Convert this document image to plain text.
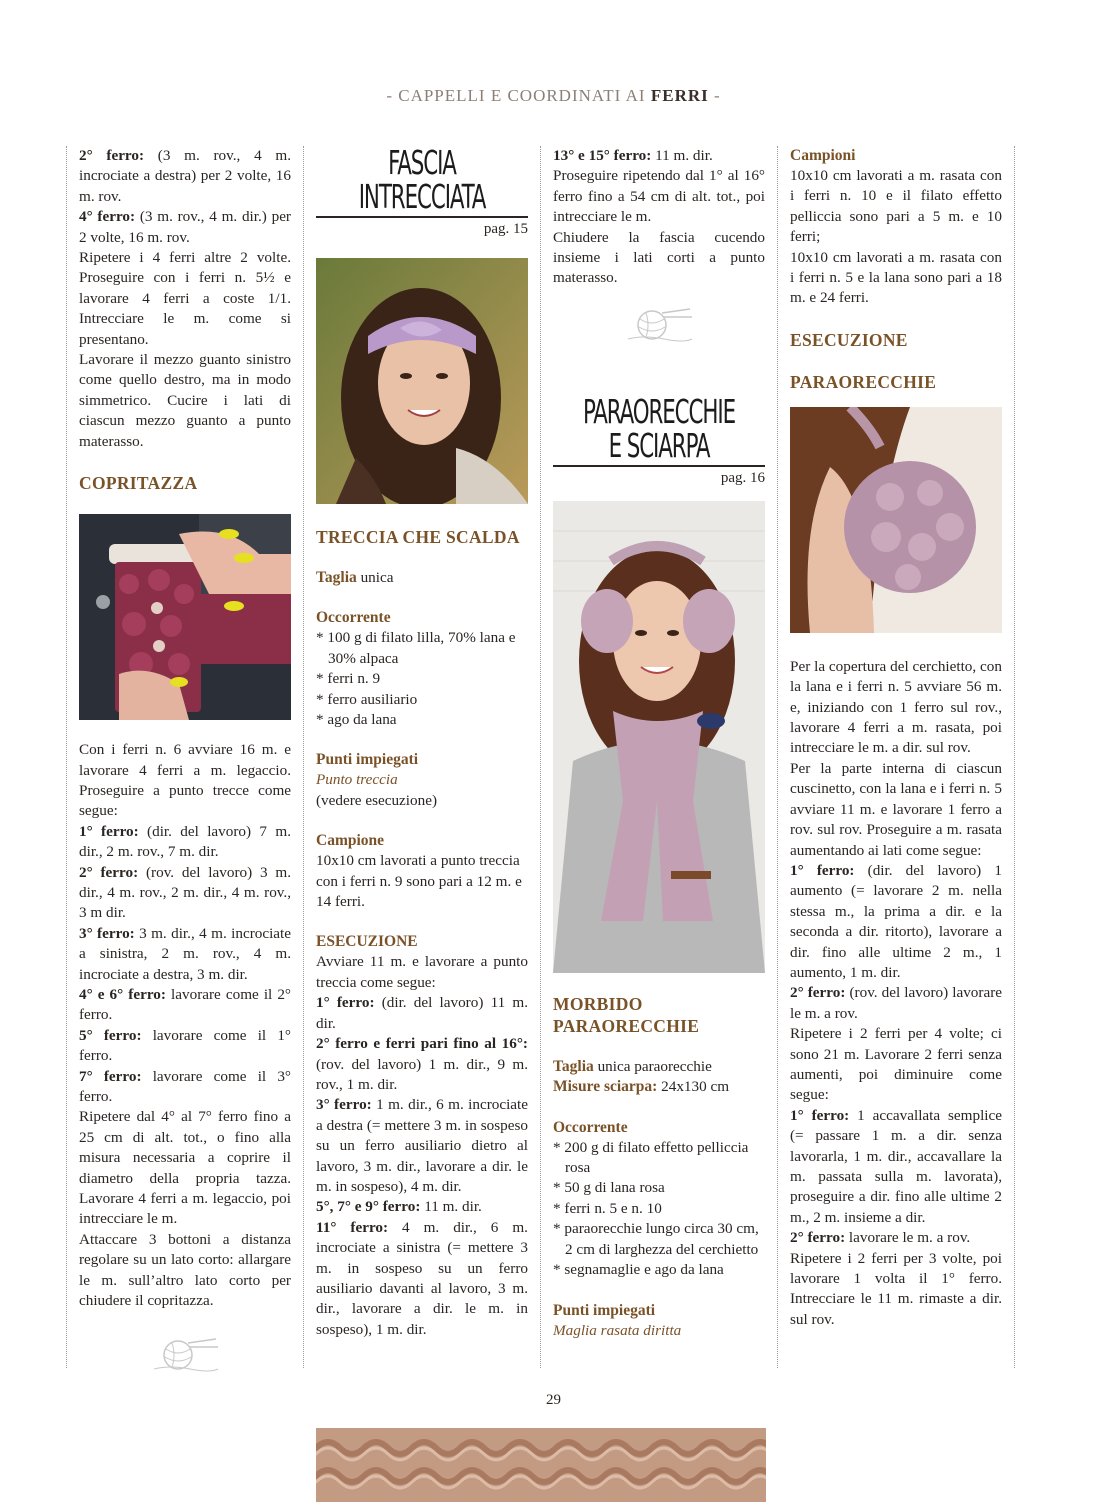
- CAPPELLI E COORDINATI AI FERRI -

2° ferro: (3 m. rov., 4 m. incrociate a destra) per 2 volte, 16 m. rov.

4° ferro: (3 m. rov., 4 m. dir.) per 2 volte, 16 m. rov.

Ripetere i 4 ferri altre 2 volte. Proseguire con i ferri n. 5½ e lavorare 4 ferri a coste 1/1. Intrecciare le m. come si presentano.

Lavorare il mezzo guanto sinistro come quello destro, ma in modo simmetrico. Cucire i lati di ciascun mezzo guanto a punto materasso.

COPRITAZZA

Con i ferri n. 6 avviare 16 m. e lavorare 4 ferri a m. legaccio. Proseguire a punto trecce come segue:

1° ferro: (dir. del lavoro) 7 m. dir., 2 m. rov., 7 m. dir.

2° ferro: (rov. del lavoro) 3 m. dir., 4 m. rov., 2 m. dir., 4 m. rov., 3 m dir.

3° ferro: 3 m. dir., 4 m. incrociate a sinistra, 2 m. rov., 4 m. incrociate a destra, 3 m. dir.

4° e 6° ferro: lavorare come il 2° ferro.

5° ferro: lavorare come il 1° ferro.

7° ferro: lavorare come il 3° ferro.

Ripetere dal 4° al 7° ferro fino a 25 cm di alt. tot., o fino alla misura necessaria a coprire il diametro della propria tazza. Lavorare 4 ferri a m. legaccio, poi intrecciare le m.

Attaccare 3 bottoni a distanza regolare su un lato corto: allargare le m. sull’altro lato corto per chiudere il copritazza.

FASCIA
INTRECCIATA
pag. 15
TRECCIA CHE SCALDA

Taglia unica

Occorrente
* 100 g di filato lilla, 70% lana e 30% alpaca
* ferri n. 9
* ferro ausiliario
* ago da lana
Punti impiegati

Punto treccia

(vedere esecuzione)

Campione

10x10 cm lavorati a punto treccia con i ferri n. 9 sono pari a 12 m. e 14 ferri.

ESECUZIONE

Avviare 11 m. e lavorare a punto treccia come segue:

1° ferro: (dir. del lavoro) 11 m. dir.

2° ferro e ferri pari fino al 16°: (rov. del lavoro) 1 m. dir., 9 m. rov., 1 m. dir.

3° ferro: 1 m. dir., 6 m. incrociate a destra (= mettere 3 m. in sospeso su un ferro ausiliario dietro al lavoro, 3 m. dir., lavorare a dir. le m. in sospeso), 4 m. dir.

5°, 7° e 9° ferro: 11 m. dir.

11° ferro: 4 m. dir., 6 m. incrociate a sinistra (= mettere 3 m. in sospeso su un ferro ausiliario davanti al lavoro, 3 m. dir., lavorare a dir. le m. in sospeso), 1 m. dir.

13° e 15° ferro: 11 m. dir.

Proseguire ripetendo dal 1° al 16° ferro fino a 54 cm di alt. tot., poi intrecciare le m.

Chiudere la fascia cucendo insieme i lati corti a punto materasso.

PARAORECCHIE
E SCIARPA
pag. 16
MORBIDO
PARAORECCHIE

Taglia unica paraorecchie

Misure sciarpa: 24x130 cm

Occorrente
* 200 g di filato effetto pelliccia rosa
* 50 g di lana rosa
* ferri n. 5 e n. 10
* paraorecchie lungo circa 30 cm, 2 cm di larghezza del cerchietto
* segnamaglie e ago da lana
Punti impiegati

Maglia rasata diritta

Campioni

10x10 cm lavorati a m. rasata con i ferri n. 10 e il filato effetto pelliccia sono pari a 5 m. e 10 ferri;

10x10 cm lavorati a m. rasata con i ferri n. 5 e la lana sono pari a 18 m. e 24 ferri.

ESECUZIONE
PARAORECCHIE

Per la copertura del cerchietto, con la lana e i ferri n. 5 avviare 56 m. e, iniziando con 1 ferro sul rov., lavorare 4 ferri a m. rasata, poi intrecciare le m. a dir. sul rov.

Per la parte interna di ciascun cuscinetto, con la lana e i ferri n. 5 avviare 11 m. e lavorare 1 ferro a rov. sul rov. Proseguire a m. rasata aumentando ai lati come segue:

1° ferro: (dir. del lavoro) 1 aumento (= lavorare 2 m. nella stessa m., la prima a dir. e la seconda a dir. ritorto), lavorare a dir. fino alle ultime 2 m., 1 aumento, 1 m. dir.

2° ferro: (rov. del lavoro) lavorare le m. a rov.

Ripetere i 2 ferri per 4 volte; ci sono 21 m. Lavorare 2 ferri senza aumenti, poi diminuire come segue:

1° ferro: 1 accavallata semplice (= passare 1 m. a dir. senza lavorarla, 1 m. dir., accavallare la m. passata sulla m. lavorata), proseguire a dir. fino alle ultime 2 m., 2 m. insieme a dir.

2° ferro: lavorare le m. a rov.

Ripetere i 2 ferri per 3 volte, poi lavorare 1 volta il 1° ferro. Intrecciare le 11 m. rimaste a dir. sul rov.

29
